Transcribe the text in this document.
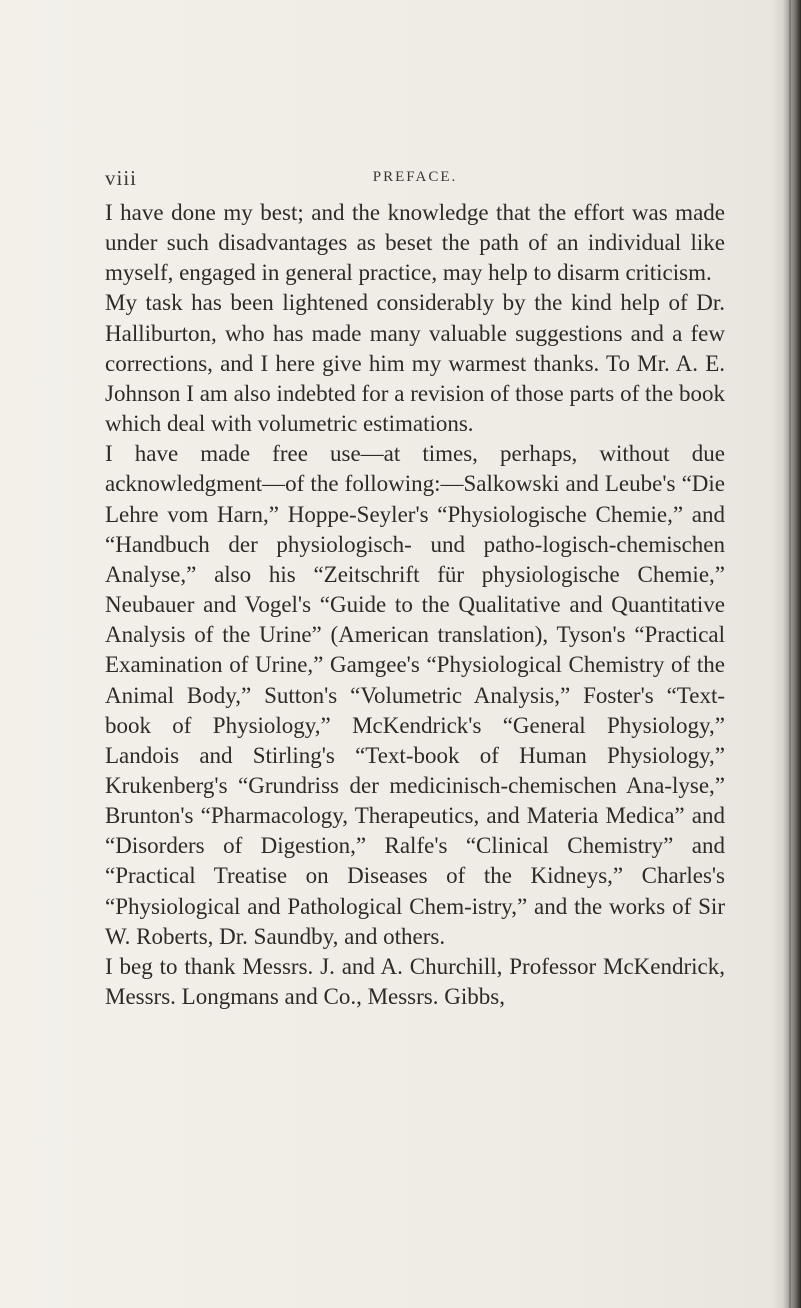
viii	PREFACE.

I have done my best; and the knowledge that the effort was made under such disadvantages as beset the path of an individual like myself, engaged in general practice, may help to disarm criticism.

My task has been lightened considerably by the kind help of Dr. Halliburton, who has made many valuable suggestions and a few corrections, and I here give him my warmest thanks. To Mr. A. E. Johnson I am also indebted for a revision of those parts of the book which deal with volumetric estimations.

I have made free use—at times, perhaps, without due acknowledgment—of the following:—Salkowski and Leube's “Die Lehre vom Harn,” Hoppe-Seyler's “Physiologische Chemie,” and “Handbuch der physiologisch- und patho-logisch-chemischen Analyse,” also his “Zeitschrift für physiologische Chemie,” Neubauer and Vogel's “Guide to the Qualitative and Quantitative Analysis of the Urine” (American translation), Tyson's “Practical Examination of Urine,” Gamgee's “Physiological Chemistry of the Animal Body,” Sutton's “Volumetric Analysis,” Foster's “Text-book of Physiology,” McKendrick's “General Physiology,” Landois and Stirling's “Text-book of Human Physiology,” Krukenberg's “Grundriss der medicinisch-chemischen Ana-lyse,” Brunton's “Pharmacology, Therapeutics, and Materia Medica” and “Disorders of Digestion,” Ralfe's “Clinical Chemistry” and “Practical Treatise on Diseases of the Kidneys,” Charles's “Physiological and Pathological Chem-istry,” and the works of Sir W. Roberts, Dr. Saundby, and others.

I beg to thank Messrs. J. and A. Churchill, Professor McKendrick, Messrs. Longmans and Co., Messrs. Gibbs,
